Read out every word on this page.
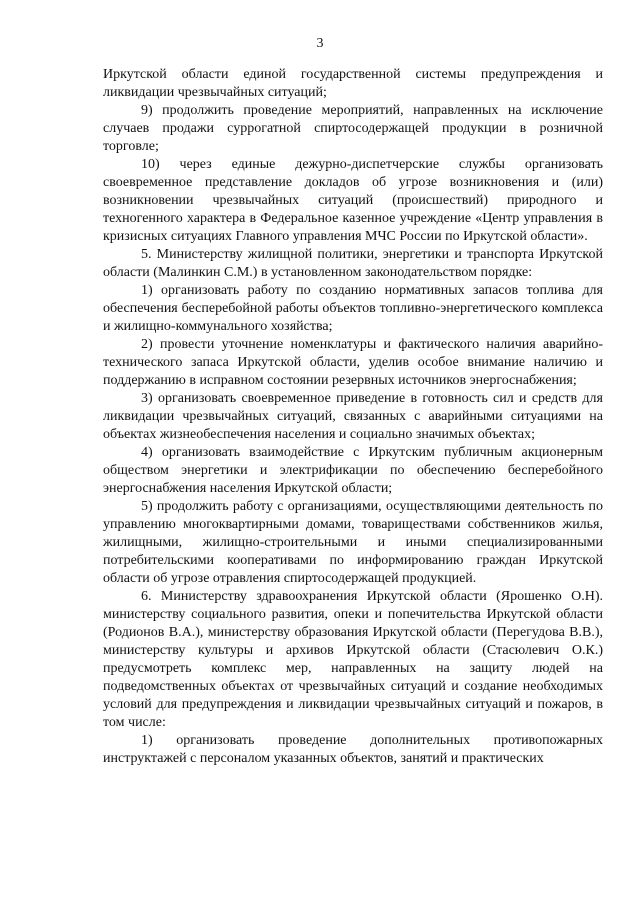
3

Иркутской области единой государственной системы предупреждения и ликвидации чрезвычайных ситуаций;

9) продолжить проведение мероприятий, направленных на исключение случаев продажи суррогатной спиртосодержащей продукции в розничной торговле;

10) через единые дежурно-диспетчерские службы организовать своевременное представление докладов об угрозе возникновения и (или) возникновении чрезвычайных ситуаций (происшествий) природного и техногенного характера в Федеральное казенное учреждение «Центр управления в кризисных ситуациях Главного управления МЧС России по Иркутской области».

5. Министерству жилищной политики, энергетики и транспорта Иркутской области (Малинкин С.М.) в установленном законодательством порядке:

1) организовать работу по созданию нормативных запасов топлива для обеспечения бесперебойной работы объектов топливно-энергетического комплекса и жилищно-коммунального хозяйства;

2) провести уточнение номенклатуры и фактического наличия аварийно-технического запаса Иркутской области, уделив особое внимание наличию и поддержанию в исправном состоянии резервных источников энергоснабжения;

3) организовать своевременное приведение в готовность сил и средств для ликвидации чрезвычайных ситуаций, связанных с аварийными ситуациями на объектах жизнеобеспечения населения и социально значимых объектах;

4) организовать взаимодействие с Иркутским публичным акционерным обществом энергетики и электрификации по обеспечению бесперебойного энергоснабжения населения Иркутской области;

5) продолжить работу с организациями, осуществляющими деятельность по управлению многоквартирными домами, товариществами собственников жилья, жилищными, жилищно-строительными и иными специализированными потребительскими кооперативами по информированию граждан Иркутской области об угрозе отравления спиртосодержащей продукцией.

6. Министерству здравоохранения Иркутской области (Ярошенко О.Н). министерству социального развития, опеки и попечительства Иркутской области (Родионов В.А.), министерству образования Иркутской области (Перегудова В.В.), министерству культуры и архивов Иркутской области (Стасюлевич О.К.) предусмотреть комплекс мер, направленных на защиту людей на подведомственных объектах от чрезвычайных ситуаций и создание необходимых условий для предупреждения и ликвидации чрезвычайных ситуаций и пожаров, в том числе:

1) организовать проведение дополнительных противопожарных инструктажей с персоналом указанных объектов, занятий и практических
